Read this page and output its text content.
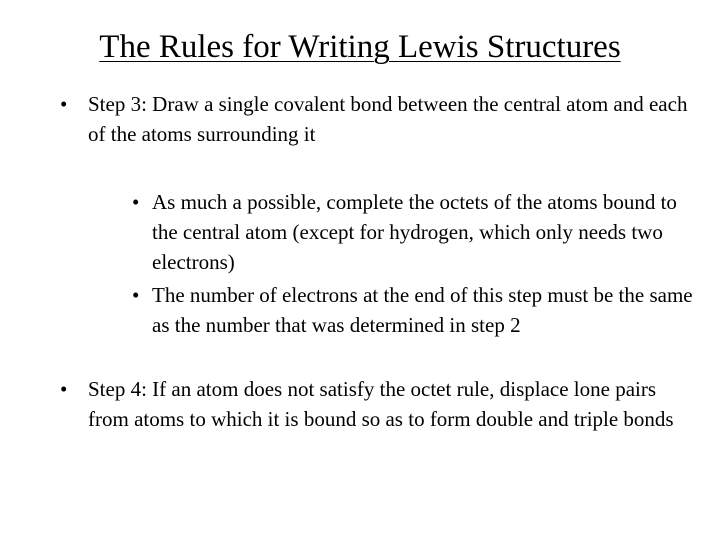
The Rules for Writing Lewis Structures
• Step 3: Draw a single covalent bond between the central atom and each of the atoms surrounding it
• As much a possible, complete the octets of the atoms bound to the central atom (except for hydrogen, which only needs two electrons)
• The number of electrons at the end of this step must be the same as the number that was determined in step 2
• Step 4: If an atom does not satisfy the octet rule, displace lone pairs from atoms to which it is bound so as to form double and triple bonds
